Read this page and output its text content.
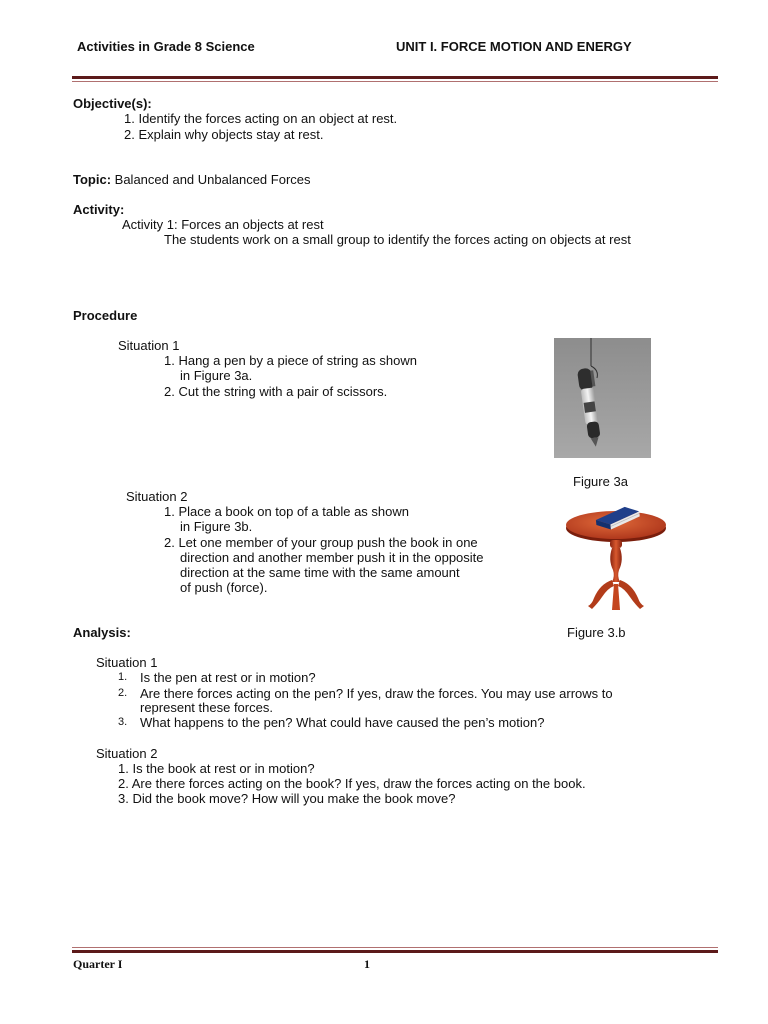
Activities in Grade 8 Science	UNIT I. FORCE MOTION AND ENERGY
Objective(s):
1. Identify the forces acting on an object at rest.
2. Explain why objects stay at rest.
Topic: Balanced and Unbalanced Forces
Activity:
Activity 1: Forces an objects at rest
The students work on a small group to identify the forces acting on objects at rest
Procedure
Situation 1
1. Hang a pen by a piece of string as shown
in Figure 3a.
2. Cut the string with a pair of scissors.
Figure 3a
Situation 2
1. Place a book on top of a table as shown
in Figure 3b.
2. Let one member of your group push the book in one
direction and another member push it in the opposite
direction at the same time with the same amount
of push (force).
Analysis:	Figure 3.b
Situation 1
1. Is the pen at rest or in motion?
2. Are there forces acting on the pen? If yes, draw the forces. You may use arrows to
represent these forces.
3. What happens to the pen? What could have caused the pen’s motion?
Situation 2
1. Is the book at rest or in motion?
2. Are there forces acting on the book? If yes, draw the forces acting on the book.
3. Did the book move? How will you make the book move?
Quarter I	1
